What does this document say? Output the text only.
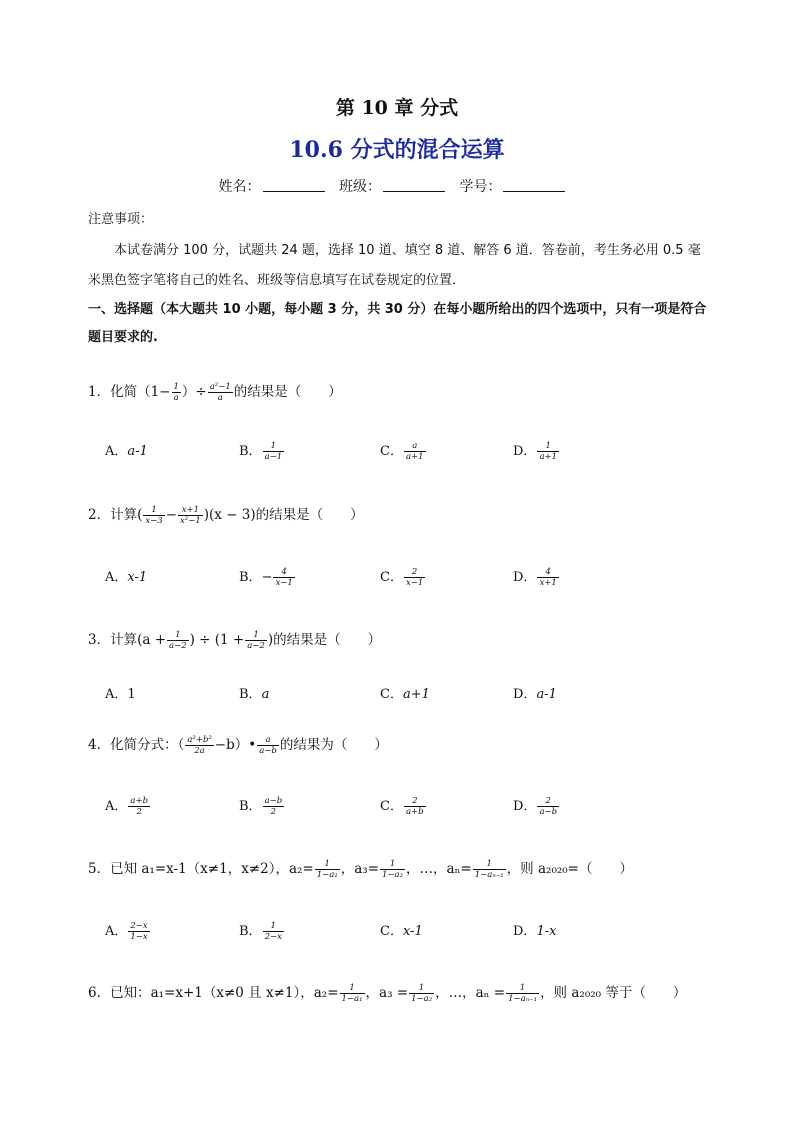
第 10 章 分式
10.6 分式的混合运算
姓名：	班级：	学号：
注意事项：
本试卷满分 100 分，试题共 24 题，选择 10 道、填空 8 道、解答 6 道．答卷前，考生务必用 0.5 毫米黑色签字笔将自己的姓名、班级等信息填写在试卷规定的位置．
一、选择题（本大题共 10 小题，每小题 3 分，共 30 分）在每小题所给出的四个选项中，只有一项是符合题目要求的.
1．化简（$1- \frac{1}{a}$ ）÷ $\frac{\text{a²−1}}{a}$ 的结果是（　　）
A．a-1	B． $\frac{1}{a-1}$	C． $\frac{a}{a+1}$	D． $\frac{1}{a+1}$
2．计算( $\frac{1}{x-3} - \frac{x+1}{\text{x²−1}} )(x - 3)$的结果是（　　）
A．x-1	B．− $\frac{4}{x-1}$	C． $\frac{2}{x-1}$	D． $\frac{4}{x+1}$
3．计算($a + \frac{1}{a-2}$ ) ÷ ($1 + \frac{1}{a-2}$ )的结果是（　　）
A．1	B．a	C．a+1	D．a-1
4．化简分式：（ $\frac{\text{a²+b²}}{2a}$ −b）• $\frac{a}{a-b}$ 的结果为（　　）
A． $\frac{a+b}{2}$	B． $\frac{a-b}{2}$	C． $\frac{2}{a+b}$	D． $\frac{2}{a-b}$
5．已知 a₁=x-1（x≠1，x≠2），$a_2= \frac{1}{\text{1−a₁}}$ ，$a_3= \frac{1}{\text{1−a₂}}$ ，…，$a_n= \frac{1}{\text{1−aₙ₋₁}}$ ，则 a₂₀₂₀=（　　）
A． $\frac{2-x}{1-x}$	B． $\frac{1}{2-x}$	C．x-1	D．1-x
6．已知：a₁=x+1（x≠0 且 x≠1），$a_2= \frac{1}{\text{1−a₁}}$ ，$a_3 = \frac{1}{\text{1−a₂}}$ ，…，$a_n = \frac{1}{\text{1−aₙ₋₁}}$ ，则 a₂₀₂₀ 等于（　　）
